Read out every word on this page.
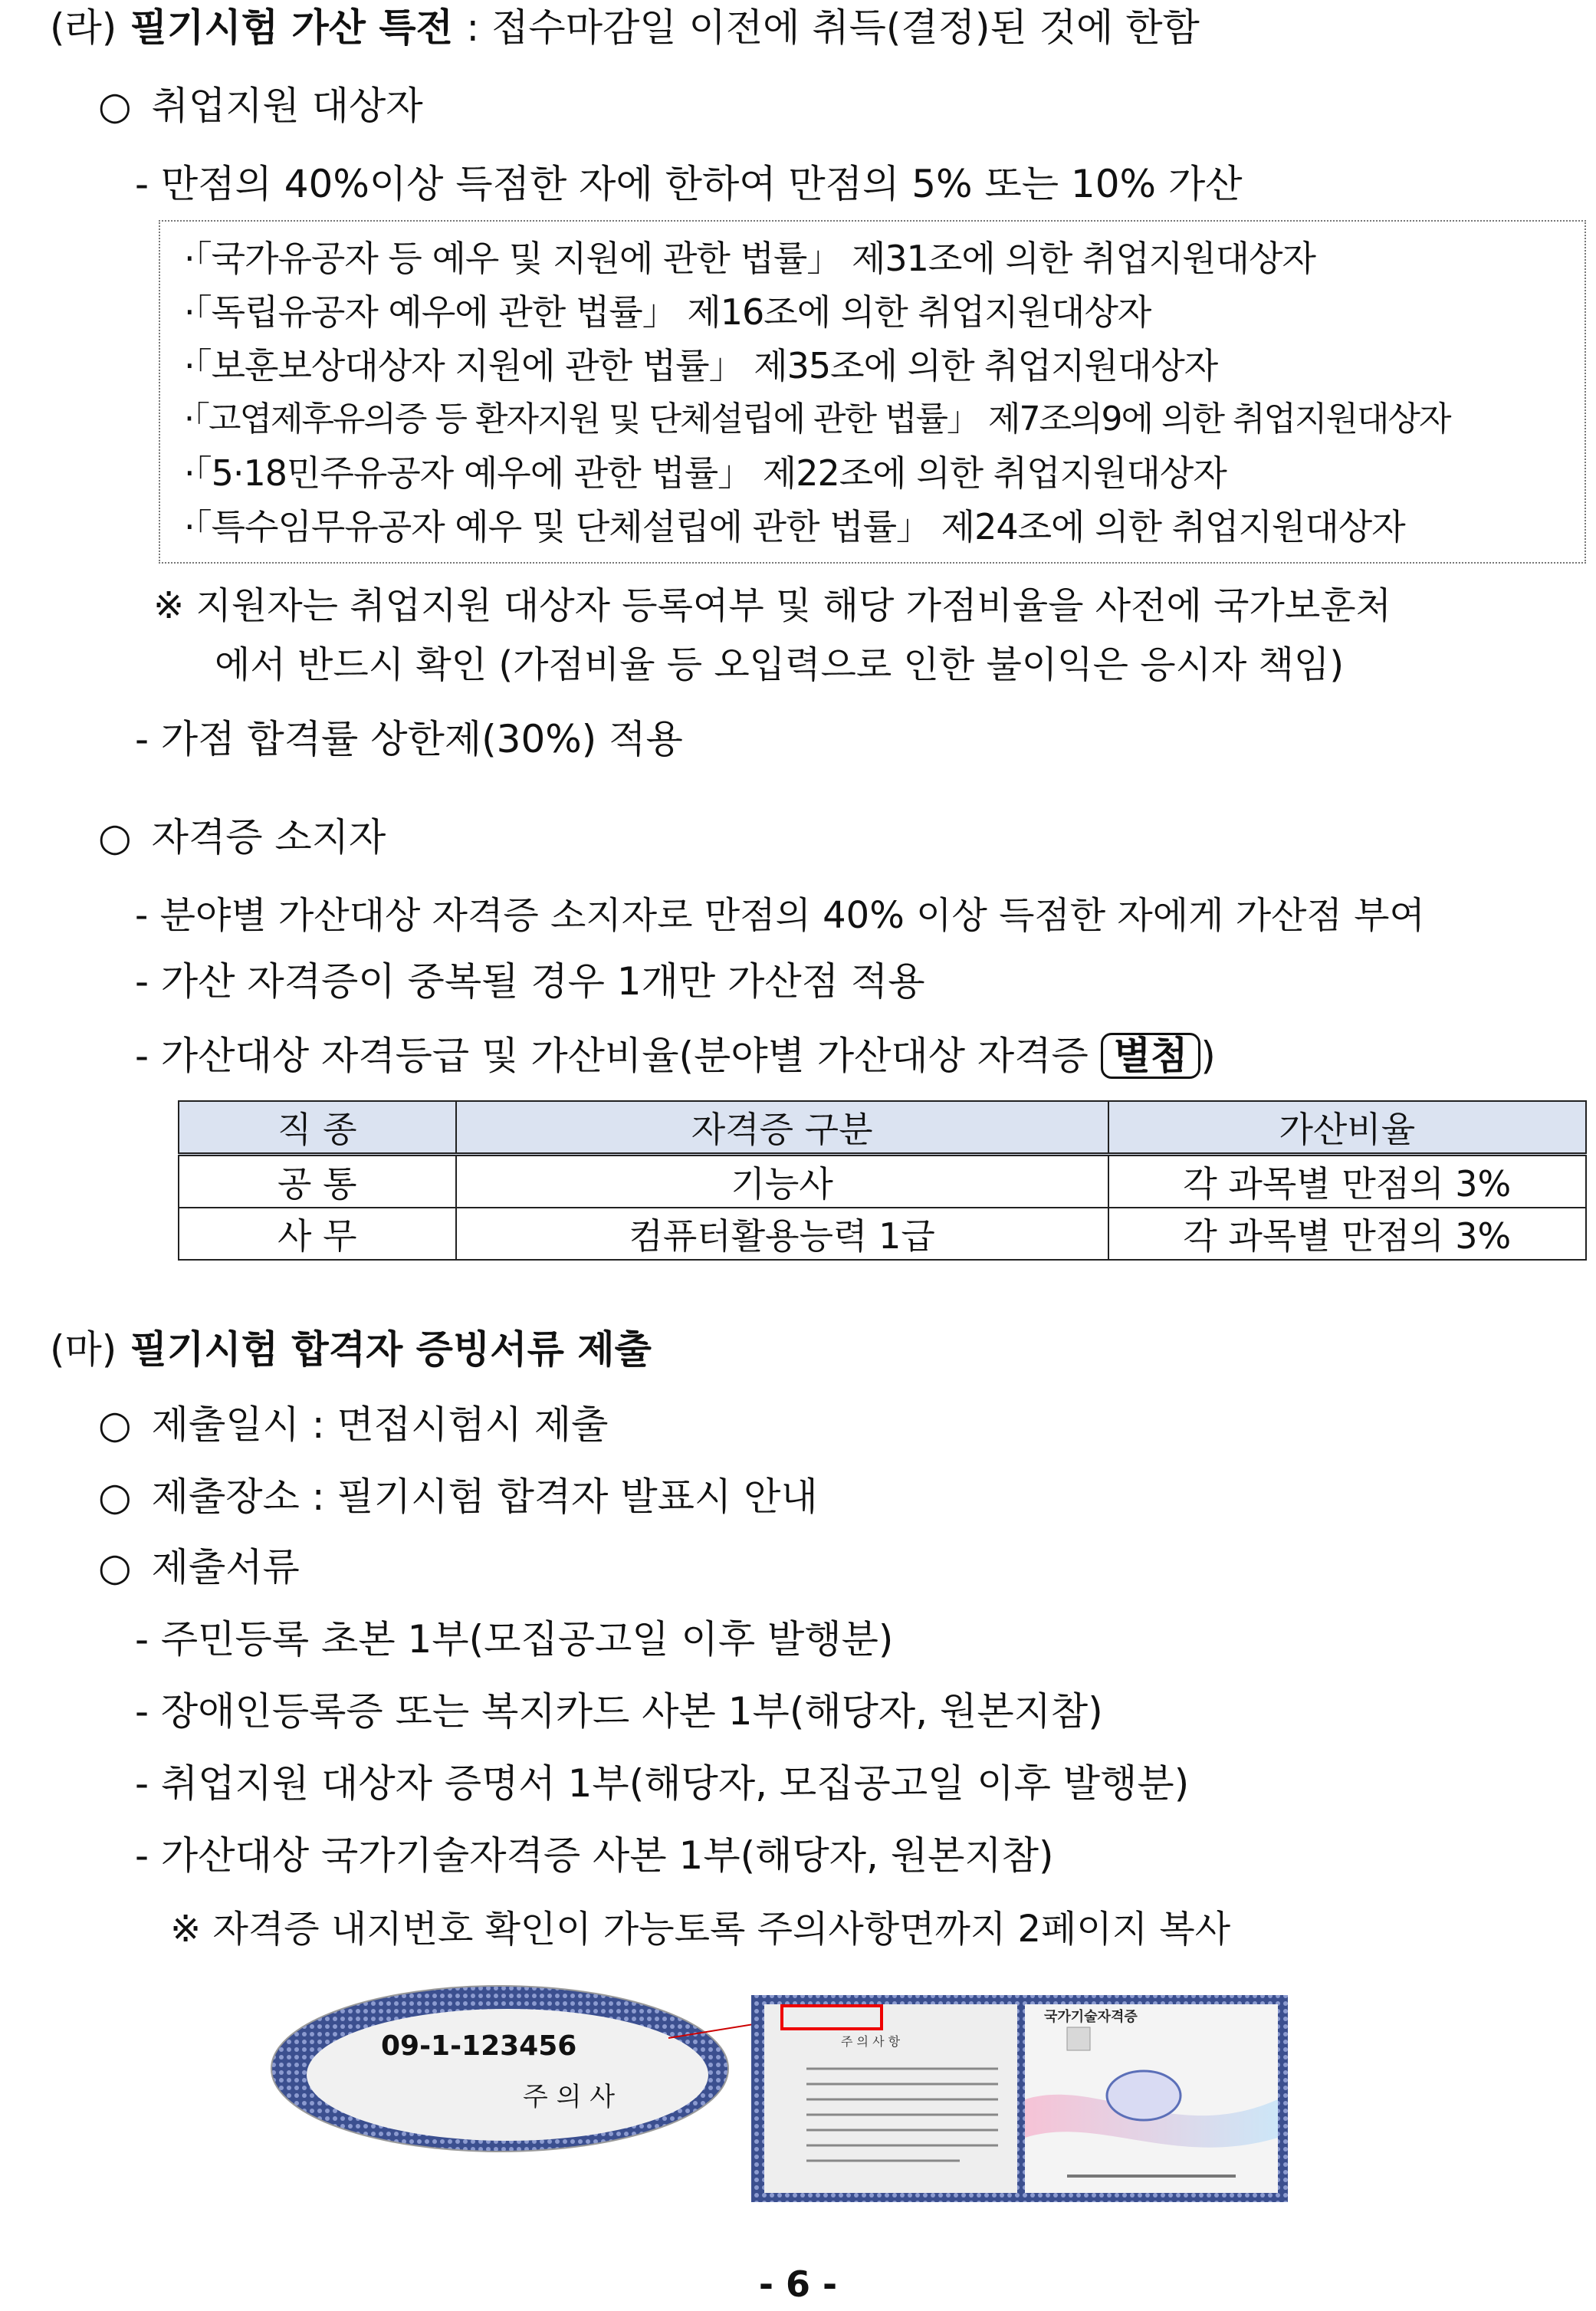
(라) 필기시험 가산 특전 : 접수마감일 이전에 취득(결정)된 것에 한함
○ 취업지원 대상자
- 만점의 40%이상 득점한 자에 한하여 만점의 5% 또는 10% 가산
·「국가유공자 등 예우 및 지원에 관한 법률」 제31조에 의한 취업지원대상자
·「독립유공자 예우에 관한 법률」 제16조에 의한 취업지원대상자
·「보훈보상대상자 지원에 관한 법률」 제35조에 의한 취업지원대상자
·「고엽제후유의증 등 환자지원 및 단체설립에 관한 법률」 제7조의9에 의한 취업지원대상자
·「5·18민주유공자 예우에 관한 법률」 제22조에 의한 취업지원대상자
·「특수임무유공자 예우 및 단체설립에 관한 법률」 제24조에 의한 취업지원대상자
※ 지원자는 취업지원 대상자 등록여부 및 해당 가점비율을 사전에 국가보훈처
에서 반드시 확인 (가점비율 등 오입력으로 인한 불이익은 응시자 책임)
- 가점 합격률 상한제(30%) 적용
○ 자격증 소지자
- 분야별 가산대상 자격증 소지자로 만점의 40% 이상 득점한 자에게 가산점 부여
- 가산 자격증이 중복될 경우 1개만 가산점 적용
- 가산대상 자격등급 및 가산비율(분야별 가산대상 자격증 별첨 )
직 종	자격증 구분	가산비율
공 통	기능사	각 과목별 만점의 3%
사 무	컴퓨터활용능력 1급	각 과목별 만점의 3%
(마) 필기시험 합격자 증빙서류 제출
○ 제출일시 : 면접시험시 제출
○ 제출장소 : 필기시험 합격자 발표시 안내
○ 제출서류
- 주민등록 초본 1부(모집공고일 이후 발행분)
- 장애인등록증 또는 복지카드 사본 1부(해당자, 원본지참)
- 취업지원 대상자 증명서 1부(해당자, 모집공고일 이후 발행분)
- 가산대상 국가기술자격증 사본 1부(해당자, 원본지참)
※ 자격증 내지번호 확인이 가능토록 주의사항면까지 2페이지 복사
09-1-123456
주 의 사
주 의 사 항
국가기술자격증
- 6 -
